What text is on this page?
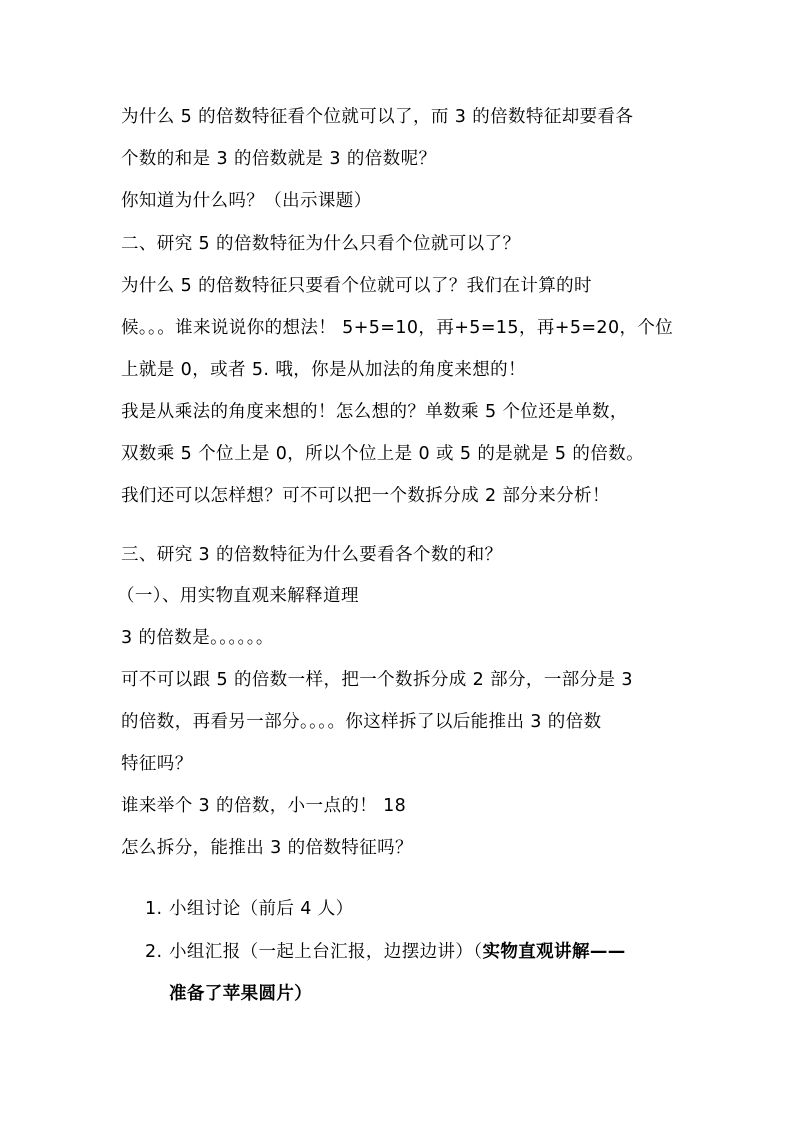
为什么 5 的倍数特征看个位就可以了，而 3 的倍数特征却要看各
个数的和是 3 的倍数就是 3 的倍数呢？
你知道为什么吗？（出示课题）
二、研究 5 的倍数特征为什么只看个位就可以了？
为什么 5 的倍数特征只要看个位就可以了？我们在计算的时
候。。。谁来说说你的想法！ 5+5=10，再+5=15，再+5=20，个位
上就是 0，或者 5. 哦，你是从加法的角度来想的！
我是从乘法的角度来想的！怎么想的？单数乘 5 个位还是单数，
双数乘 5 个位上是 0，所以个位上是 0 或 5 的是就是 5 的倍数。
我们还可以怎样想？可不可以把一个数拆分成 2 部分来分析！
三、研究 3 的倍数特征为什么要看各个数的和？
（一）、用实物直观来解释道理
3 的倍数是。。。。。。
可不可以跟 5 的倍数一样，把一个数拆分成 2 部分，一部分是 3
的倍数，再看另一部分。。。。你这样拆了以后能推出 3 的倍数
特征吗？
谁来举个 3 的倍数，小一点的！ 18
怎么拆分，能推出 3 的倍数特征吗？
1. 小组讨论（前后 4 人）
2. 小组汇报（一起上台汇报，边摆边讲）（实物直观讲解——
准备了苹果圆片）
